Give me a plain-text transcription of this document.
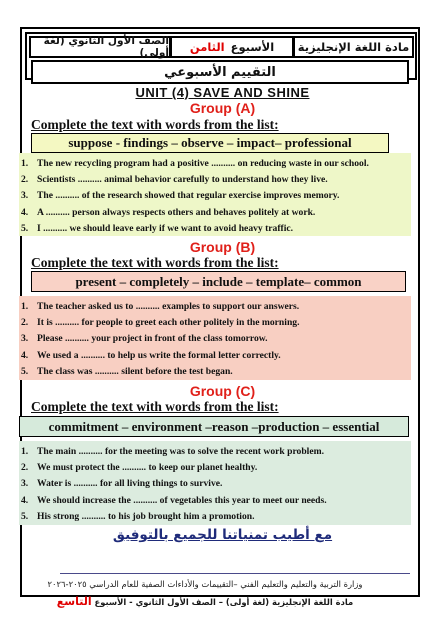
مادة اللغة الإنجليزية
الأسبوع
الثامن
الصف الأول الثانوي (لغة أولى)
التقييم الأسبوعي
UNIT (4) SAVE AND SHINE
Group (A)
Complete the text with words from the list:
suppose - findings – observe – impact– professional
1. The new recycling program had a positive .......... on reducing waste in our school.
2. Scientists .......... animal behavior carefully to understand how they live.
3. The .......... of the research showed that regular exercise improves memory.
4. A .......... person always respects others and behaves politely at work.
5. I .......... we should leave early if we want to avoid heavy traffic.
Group (B)
Complete the text with words from the list:
present – completely – include – template– common
1. The teacher asked us to .......... examples to support our answers.
2. It is .......... for people to greet each other politely in the morning.
3. Please .......... your project in front of the class tomorrow.
4. We used a .......... to help us write the formal letter correctly.
5. The class was .......... silent before the test began.
Group (C)
Complete the text with words from the list:
commitment – environment –reason –production – essential
1. The main .......... for the meeting was to solve the recent work problem.
2. We must protect the .......... to keep our planet healthy.
3. Water is .......... for all living things to survive.
4. We should increase the .......... of vegetables this year to meet our needs.
5. His strong .......... to his job brought him a promotion.
مع أطيب تمنياتنا للجميع بالتوفيق
وزارة التربية والتعليم والتعليم الفني –التقييمات والأداءات الصفية للعام الدراسي ٢٠٢٥-٢٠٢٦
مادة اللغة الإنجليزية (لغة أولى) – الصف الأول الثانوي - الأسبوع التاسع
